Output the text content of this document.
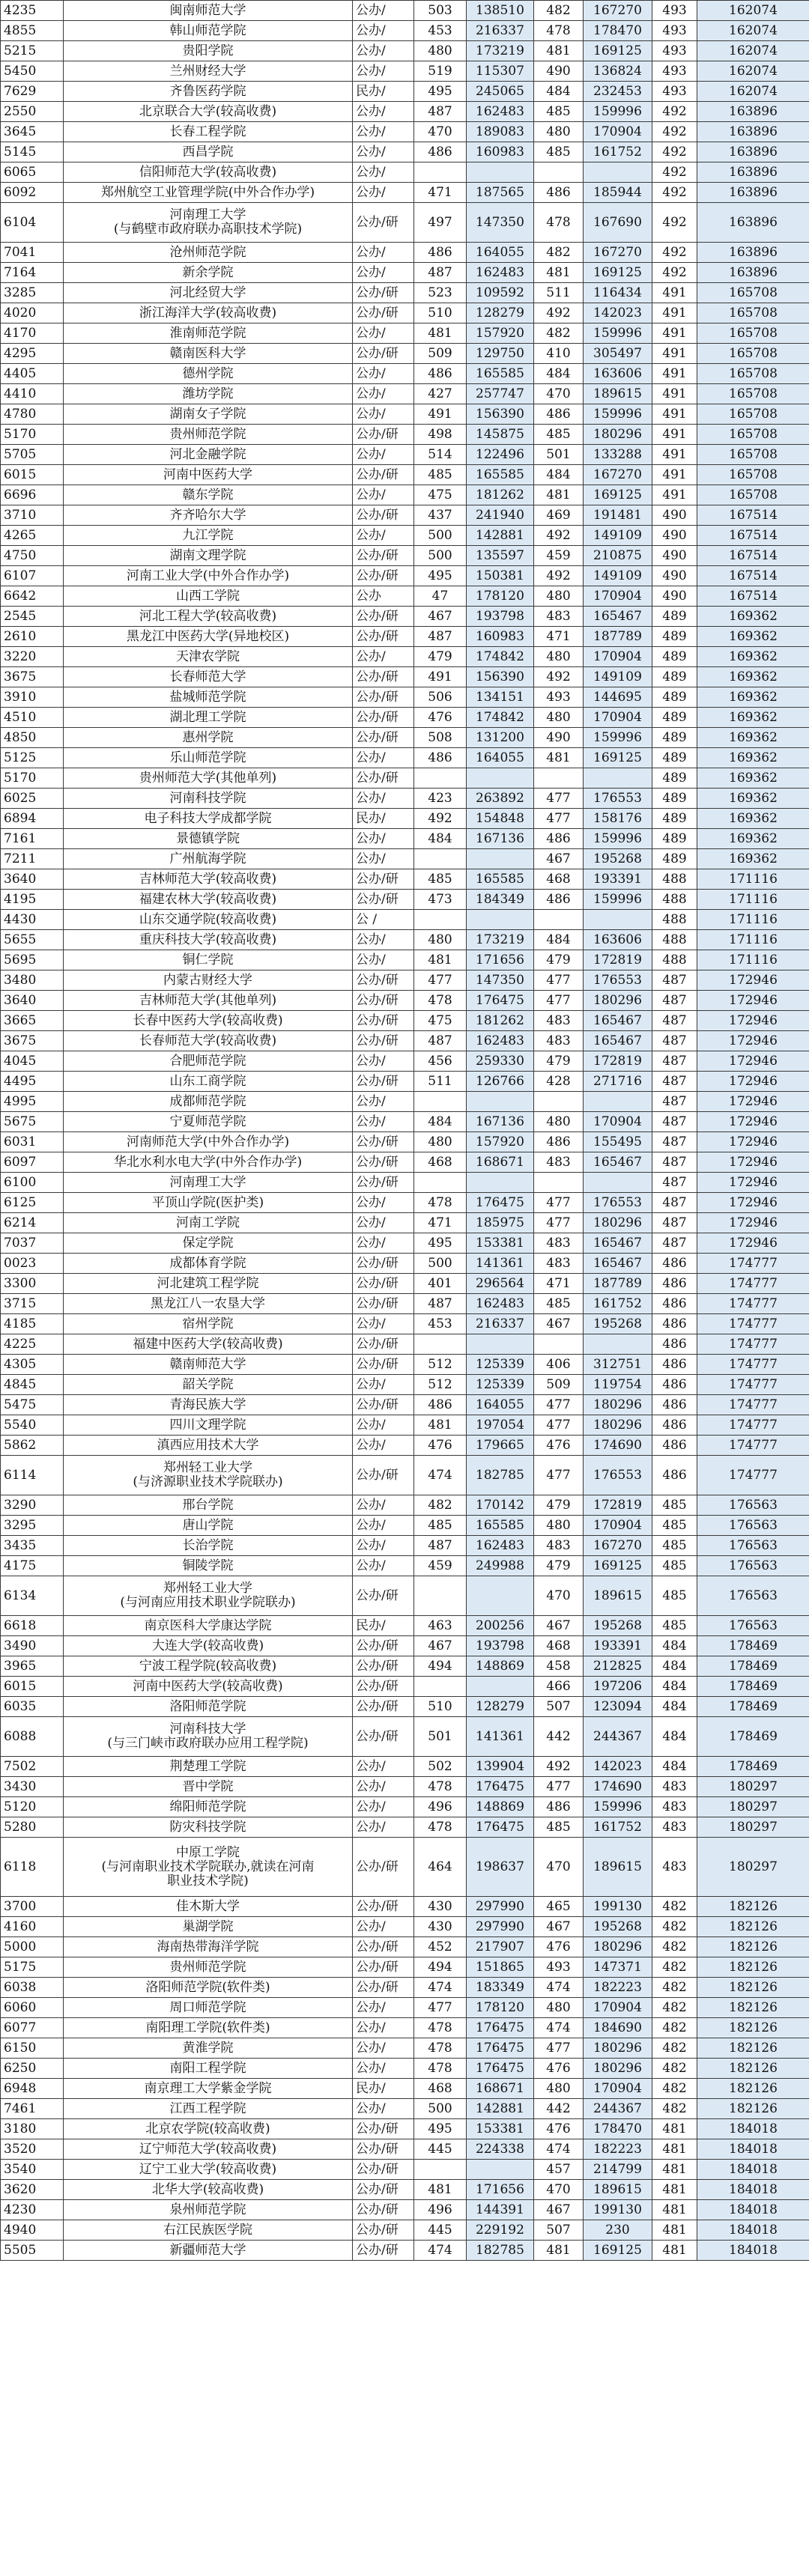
4235	闽南师范大学	公办/	503	138510	482	167270	493	162074
4855	韩山师范学院	公办/	453	216337	478	178470	493	162074
5215	贵阳学院	公办/	480	173219	481	169125	493	162074
5450	兰州财经大学	公办/	519	115307	490	136824	493	162074
7629	齐鲁医药学院	民办/	495	245065	484	232453	493	162074
2550	北京联合大学(较高收费)	公办/	487	162483	485	159996	492	163896
3645	长春工程学院	公办/	470	189083	480	170904	492	163896
5145	西昌学院	公办/	486	160983	485	161752	492	163896
6065	信阳师范大学(较高收费)	公办/					492	163896
6092	郑州航空工业管理学院(中外合作办学)	公办/	471	187565	486	185944	492	163896
6104	河南理工大学
(与鹤壁市政府联办高职技术学院)	公办/研	497	147350	478	167690	492	163896
7041	沧州师范学院	公办/	486	164055	482	167270	492	163896
7164	新余学院	公办/	487	162483	481	169125	492	163896
3285	河北经贸大学	公办/研	523	109592	511	116434	491	165708
4020	浙江海洋大学(较高收费)	公办/研	510	128279	492	142023	491	165708
4170	淮南师范学院	公办/	481	157920	482	159996	491	165708
4295	赣南医科大学	公办/研	509	129750	410	305497	491	165708
4405	德州学院	公办/	486	165585	484	163606	491	165708
4410	潍坊学院	公办/	427	257747	470	189615	491	165708
4780	湖南女子学院	公办/	491	156390	486	159996	491	165708
5170	贵州师范学院	公办/研	498	145875	485	180296	491	165708
5705	河北金融学院	公办/	514	122496	501	133288	491	165708
6015	河南中医药大学	公办/研	485	165585	484	167270	491	165708
6696	赣东学院	公办/	475	181262	481	169125	491	165708
3710	齐齐哈尔大学	公办/研	437	241940	469	191481	490	167514
4265	九江学院	公办/	500	142881	492	149109	490	167514
4750	湖南文理学院	公办/研	500	135597	459	210875	490	167514
6107	河南工业大学(中外合作办学)	公办/研	495	150381	492	149109	490	167514
6642	山西工学院	公办	47	178120	480	170904	490	167514
2545	河北工程大学(较高收费)	公办/研	467	193798	483	165467	489	169362
2610	黑龙江中医药大学(异地校区)	公办/研	487	160983	471	187789	489	169362
3220	天津农学院	公办/	479	174842	480	170904	489	169362
3675	长春师范大学	公办/研	491	156390	492	149109	489	169362
3910	盐城师范学院	公办/研	506	134151	493	144695	489	169362
4510	湖北理工学院	公办/研	476	174842	480	170904	489	169362
4850	惠州学院	公办/研	508	131200	490	159996	489	169362
5125	乐山师范学院	公办/	486	164055	481	169125	489	169362
5170	贵州师范大学(其他单列)	公办/研					489	169362
6025	河南科技学院	公办/	423	263892	477	176553	489	169362
6894	电子科技大学成都学院	民办/	492	154848	477	158176	489	169362
7161	景德镇学院	公办/	484	167136	486	159996	489	169362
7211	广州航海学院	公办/			467	195268	489	169362
3640	吉林师范大学(较高收费)	公办/研	485	165585	468	193391	488	171116
4195	福建农林大学(较高收费)	公办/研	473	184349	486	159996	488	171116
4430	山东交通学院(较高收费)	公 /					488	171116
5655	重庆科技大学(较高收费)	公办/	480	173219	484	163606	488	171116
5695	铜仁学院	公办/	481	171656	479	172819	488	171116
3480	内蒙古财经大学	公办/研	477	147350	477	176553	487	172946
3640	吉林师范大学(其他单列)	公办/研	478	176475	477	180296	487	172946
3665	长春中医药大学(较高收费)	公办/研	475	181262	483	165467	487	172946
3675	长春师范大学(较高收费)	公办/研	487	162483	483	165467	487	172946
4045	合肥师范学院	公办/	456	259330	479	172819	487	172946
4495	山东工商学院	公办/研	511	126766	428	271716	487	172946
4995	成都师范学院	公办/					487	172946
5675	宁夏师范学院	公办/	484	167136	480	170904	487	172946
6031	河南师范大学(中外合作办学)	公办/研	480	157920	486	155495	487	172946
6097	华北水利水电大学(中外合作办学)	公办/研	468	168671	483	165467	487	172946
6100	河南理工大学	公办/研					487	172946
6125	平顶山学院(医护类)	公办/	478	176475	477	176553	487	172946
6214	河南工学院	公办/	471	185975	477	180296	487	172946
7037	保定学院	公办/	495	153381	483	165467	487	172946
0023	成都体育学院	公办/研	500	141361	483	165467	486	174777
3300	河北建筑工程学院	公办/研	401	296564	471	187789	486	174777
3715	黑龙江八一农垦大学	公办/研	487	162483	485	161752	486	174777
4185	宿州学院	公办/	453	216337	467	195268	486	174777
4225	福建中医药大学(较高收费)	公办/研					486	174777
4305	赣南师范大学	公办/研	512	125339	406	312751	486	174777
4845	韶关学院	公办/	512	125339	509	119754	486	174777
5475	青海民族大学	公办/研	486	164055	477	180296	486	174777
5540	四川文理学院	公办/	481	197054	477	180296	486	174777
5862	滇西应用技术大学	公办/	476	179665	476	174690	486	174777
6114	郑州轻工业大学
(与济源职业技术学院联办)	公办/研	474	182785	477	176553	486	174777
3290	邢台学院	公办/	482	170142	479	172819	485	176563
3295	唐山学院	公办/	485	165585	480	170904	485	176563
3435	长治学院	公办/	487	162483	483	167270	485	176563
4175	铜陵学院	公办/	459	249988	479	169125	485	176563
6134	郑州轻工业大学
(与河南应用技术职业学院联办)	公办/研			470	189615	485	176563
6618	南京医科大学康达学院	民办/	463	200256	467	195268	485	176563
3490	大连大学(较高收费)	公办/研	467	193798	468	193391	484	178469
3965	宁波工程学院(较高收费)	公办/研	494	148869	458	212825	484	178469
6015	河南中医药大学(较高收费)	公办/研			466	197206	484	178469
6035	洛阳师范学院	公办/研	510	128279	507	123094	484	178469
6088	河南科技大学
(与三门峡市政府联办应用工程学院)	公办/研	501	141361	442	244367	484	178469
7502	荆楚理工学院	公办/	502	139904	492	142023	484	178469
3430	晋中学院	公办/	478	176475	477	174690	483	180297
5120	绵阳师范学院	公办/	496	148869	486	159996	483	180297
5280	防灾科技学院	公办/	478	176475	485	161752	483	180297
6118	中原工学院
(与河南职业技术学院联办,就读在河南
职业技术学院)	公办/研	464	198637	470	189615	483	180297
3700	佳木斯大学	公办/研	430	297990	465	199130	482	182126
4160	巢湖学院	公办/	430	297990	467	195268	482	182126
5000	海南热带海洋学院	公办/研	452	217907	476	180296	482	182126
5175	贵州师范学院	公办/研	494	151865	493	147371	482	182126
6038	洛阳师范学院(软件类)	公办/研	474	183349	474	182223	482	182126
6060	周口师范学院	公办/	477	178120	480	170904	482	182126
6077	南阳理工学院(软件类)	公办/	478	176475	474	184690	482	182126
6150	黄淮学院	公办/	478	176475	477	180296	482	182126
6250	南阳工程学院	公办/	478	176475	476	180296	482	182126
6948	南京理工大学紫金学院	民办/	468	168671	480	170904	482	182126
7461	江西工程学院	公办/	500	142881	442	244367	482	182126
3180	北京农学院(较高收费)	公办/研	495	153381	476	178470	481	184018
3520	辽宁师范大学(较高收费)	公办/研	445	224338	474	182223	481	184018
3540	辽宁工业大学(较高收费)	公办/研			457	214799	481	184018
3620	北华大学(较高收费)	公办/研	481	171656	470	189615	481	184018
4230	泉州师范学院	公办/研	496	144391	467	199130	481	184018
4940	右江民族医学院	公办/研	445	229192	507	230	481	184018
5505	新疆师范大学	公办/研	474	182785	481	169125	481	184018
